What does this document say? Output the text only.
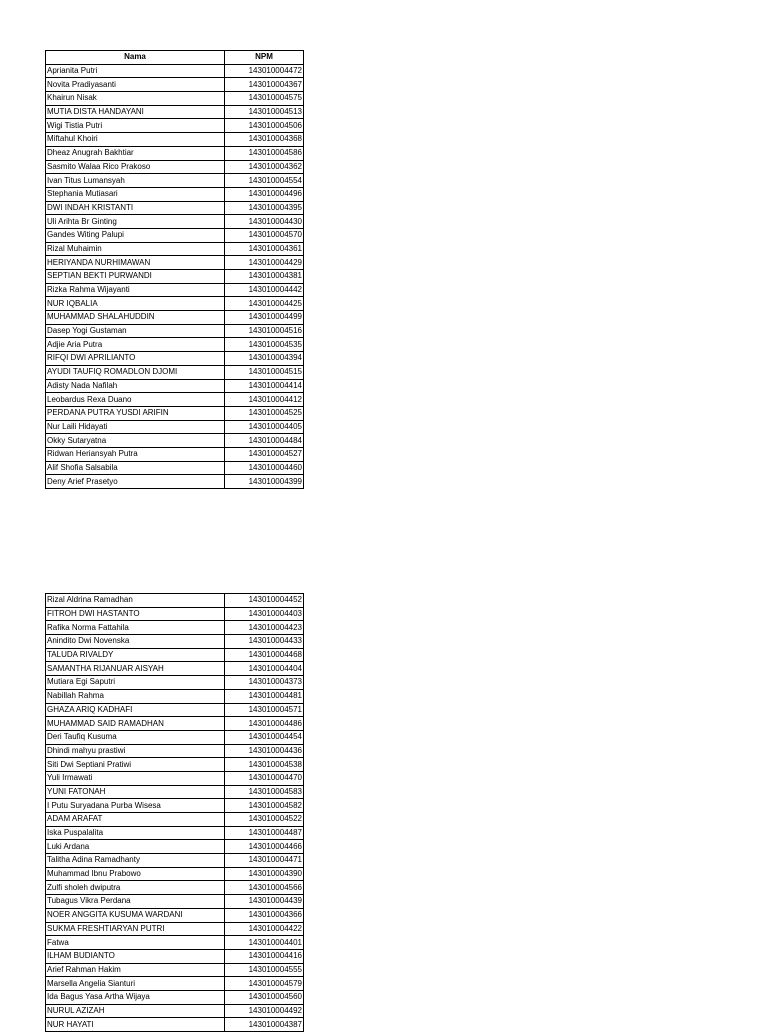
Nama	NPM
Aprianita Putri	143010004472
Novita Pradiyasanti	143010004367
Khairun Nisak	143010004575
MUTIA DISTA HANDAYANI	143010004513
Wigi Tistia Putri	143010004506
Miftahul Khoiri	143010004368
Dheaz Anugrah Bakhtiar	143010004586
Sasmito Walaa Rico Prakoso	143010004362
Ivan Titus Lumansyah	143010004554
Stephania Mutiasari	143010004496
DWI INDAH KRISTANTI	143010004395
Uli Arihta Br Ginting	143010004430
Gandes Witing Palupi	143010004570
Rizal Muhaimin	143010004361
HERIYANDA NURHIMAWAN	143010004429
SEPTIAN BEKTI PURWANDI	143010004381
Rizka Rahma Wijayanti	143010004442
NUR IQBALIA	143010004425
MUHAMMAD SHALAHUDDIN	143010004499
Dasep Yogi Gustaman	143010004516
Adjie Aria Putra	143010004535
RIFQI DWI APRILIANTO	143010004394
AYUDI TAUFIQ ROMADLON DJOMI	143010004515
Adisty Nada Nafilah	143010004414
Leobardus Rexa Duano	143010004412
PERDANA PUTRA YUSDI ARIFIN	143010004525
Nur Laili Hidayati	143010004405
Okky Sutaryatna	143010004484
Ridwan Heriansyah Putra	143010004527
Alif Shofia Salsabila	143010004460
Deny Arief Prasetyo	143010004399
Rizal Aldrina Ramadhan	143010004452
FITROH DWI HASTANTO	143010004403
Rafika Norma Fattahila	143010004423
Anindito Dwi Novenska	143010004433
TALUDA RIVALDY	143010004468
SAMANTHA RIJANUAR AISYAH	143010004404
Mutiara Egi Saputri	143010004373
Nabillah Rahma	143010004481
GHAZA ARIQ KADHAFI	143010004571
MUHAMMAD SAID RAMADHAN	143010004486
Deri Taufiq Kusuma	143010004454
Dhindi mahyu prastiwi	143010004436
Siti Dwi Septiani Pratiwi	143010004538
Yuli Irmawati	143010004470
YUNI FATONAH	143010004583
I Putu Suryadana Purba Wisesa	143010004582
ADAM ARAFAT	143010004522
Iska Puspalalita	143010004487
Luki Ardana	143010004466
Talitha Adina Ramadhanty	143010004471
Muhammad Ibnu Prabowo	143010004390
Zulfi sholeh dwiputra	143010004566
Tubagus Vikra Perdana	143010004439
NOER ANGGITA KUSUMA WARDANI	143010004366
SUKMA FRESHTIARYAN PUTRI	143010004422
Fatwa	143010004401
ILHAM BUDIANTO	143010004416
Arief Rahman Hakim	143010004555
Marsella Angelia Sianturi	143010004579
Ida Bagus Yasa Artha Wijaya	143010004560
NURUL AZIZAH	143010004492
NUR HAYATI	143010004387
